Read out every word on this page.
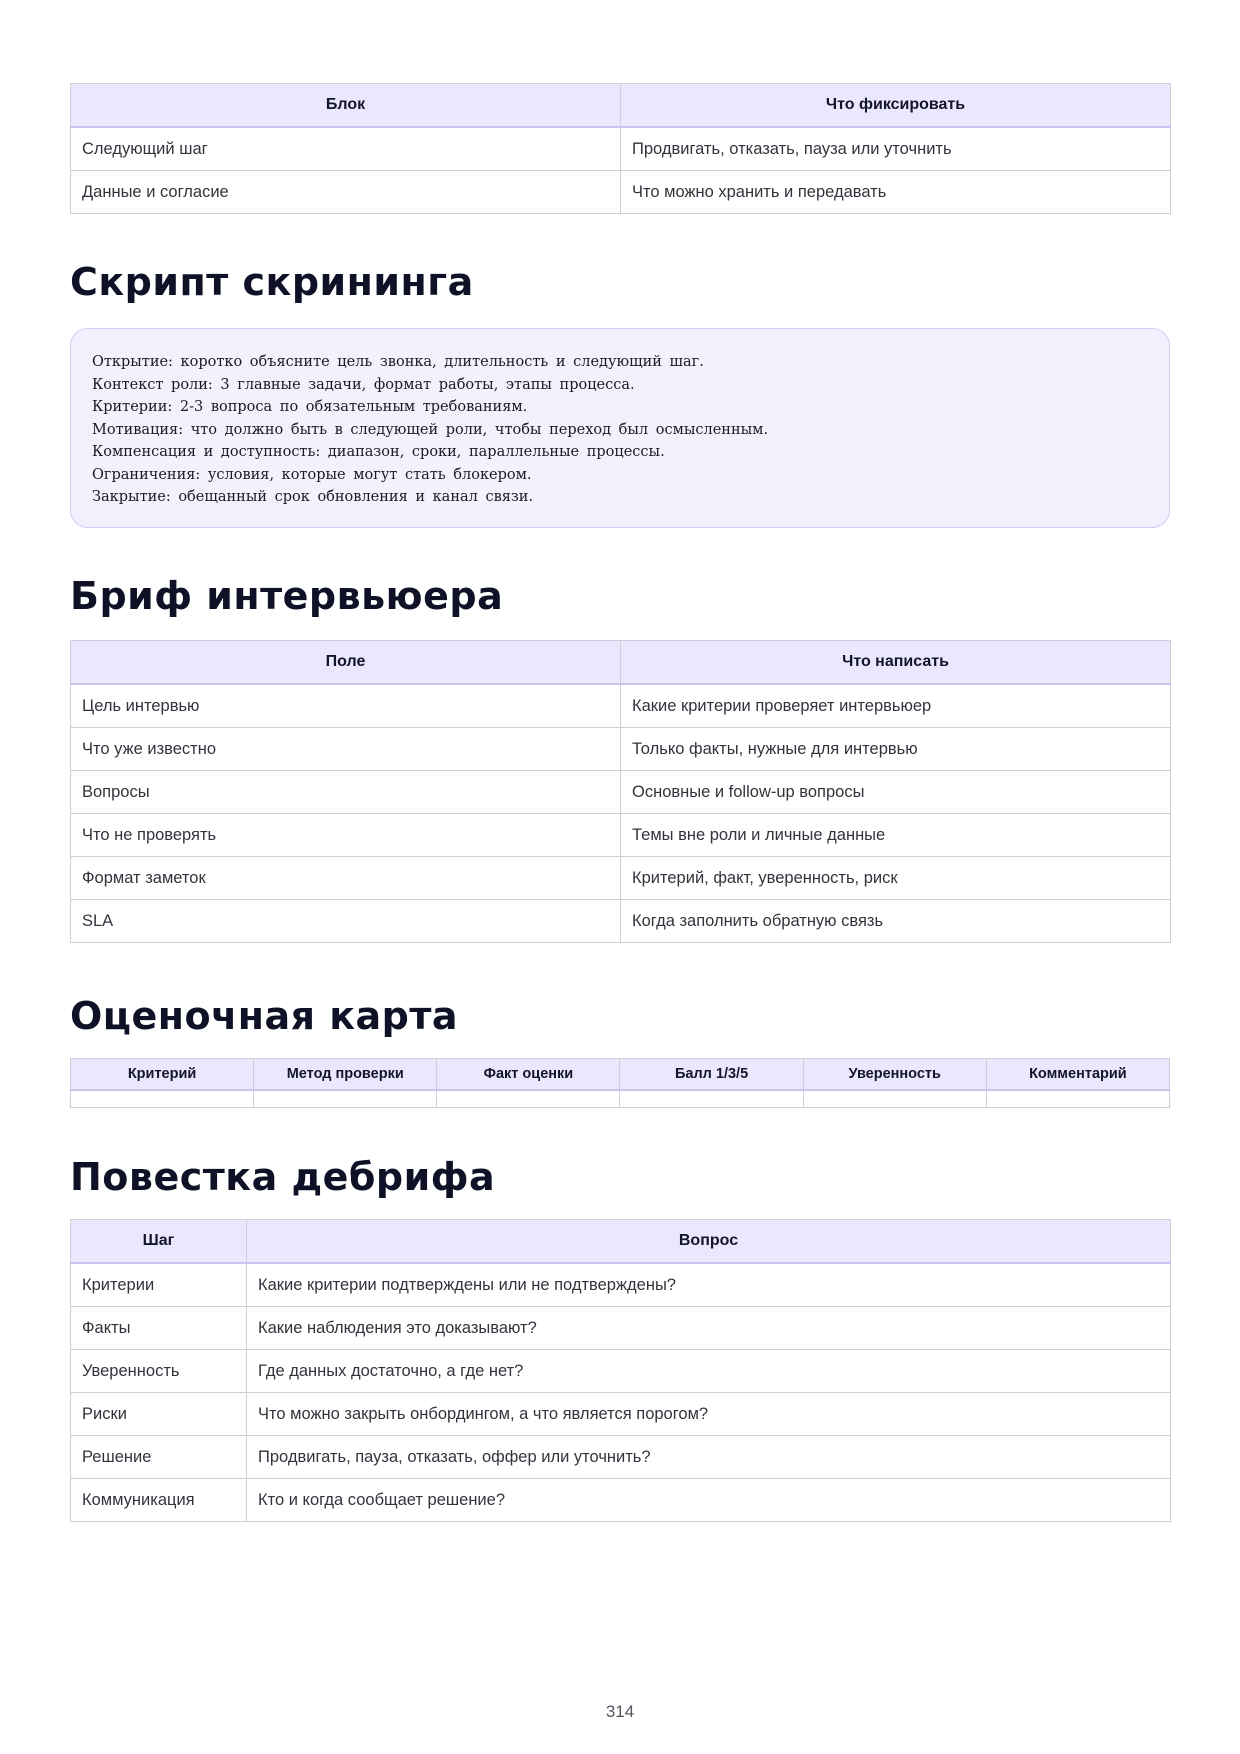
Блок	Что фиксировать
Следующий шаг	Продвигать, отказать, пауза или уточнить
Данные и согласие	Что можно хранить и передавать
Скрипт скрининга
Открытие: коротко объясните цель звонка, длительность и следующий шаг.
Контекст роли: 3 главные задачи, формат работы, этапы процесса.
Критерии: 2-3 вопроса по обязательным требованиям.
Мотивация: что должно быть в следующей роли, чтобы переход был осмысленным.
Компенсация и доступность: диапазон, сроки, параллельные процессы.
Ограничения: условия, которые могут стать блокером.
Закрытие: обещанный срок обновления и канал связи.
Бриф интервьюера
Поле	Что написать
Цель интервью	Какие критерии проверяет интервьюер
Что уже известно	Только факты, нужные для интервью
Вопросы	Основные и follow-up вопросы
Что не проверять	Темы вне роли и личные данные
Формат заметок	Критерий, факт, уверенность, риск
SLA	Когда заполнить обратную связь
Оценочная карта
Критерий	Метод проверки	Факт оценки	Балл 1/3/5	Уверенность	Комментарий

Повестка дебрифа
Шаг	Вопрос
Критерии	Какие критерии подтверждены или не подтверждены?
Факты	Какие наблюдения это доказывают?
Уверенность	Где данных достаточно, а где нет?
Риски	Что можно закрыть онбордингом, а что является порогом?
Решение	Продвигать, пауза, отказать, оффер или уточнить?
Коммуникация	Кто и когда сообщает решение?
314
